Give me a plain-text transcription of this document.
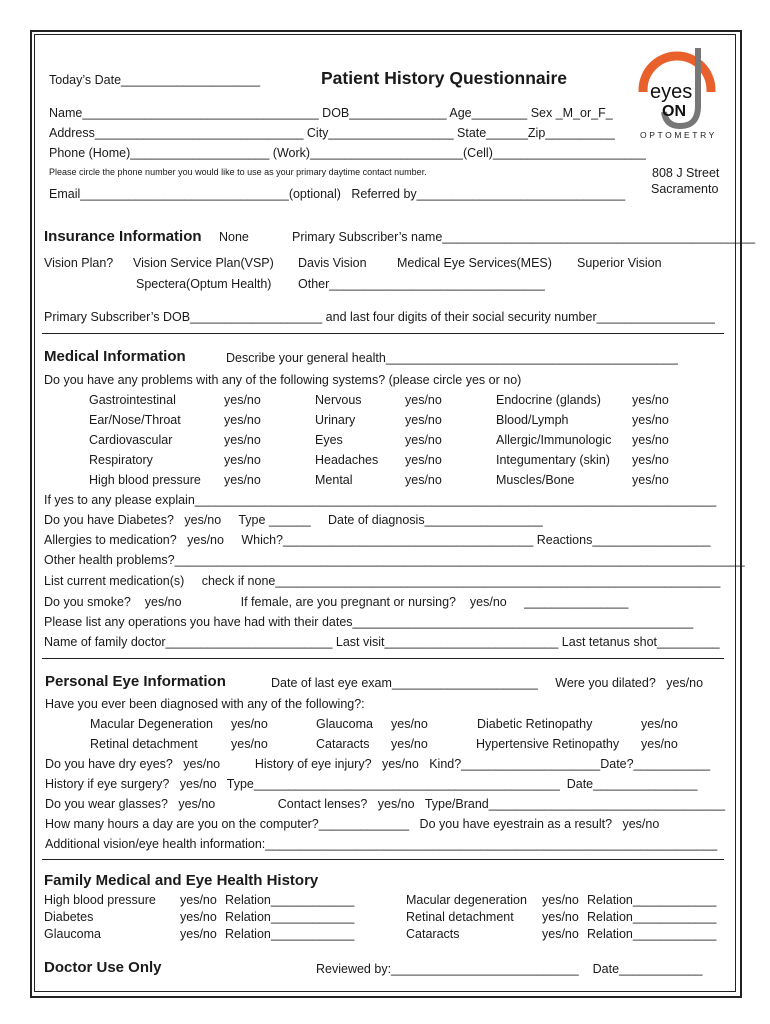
eyes
ON
OPTOMETRY
808 J Street
Sacramento
Today’s Date____________________	Patient History Questionnaire
Name__________________________________ DOB______________ Age________ Sex _M_or_F_
Address______________________________ City__________________ State______Zip__________
Phone (Home)____________________ (Work)______________________(Cell)______________________
Please circle the phone number you would like to use as your primary daytime contact number.
Email______________________________(optional)   Referred by______________________________
Insurance Information None	Primary Subscriber’s name_____________________________________________
Vision Plan? Vision Service Plan(VSP) Davis Vision Medical Eye Services(MES) Superior Vision
Spectera(Optum Health) Other_______________________________
Primary Subscriber’s DOB___________________ and last four digits of their social security number_________________
Medical Information	Describe your general health__________________________________________
Do you have any problems with any of the following systems? (please circle yes or no)
Gastrointestinal	yes/no	Nervous	yes/no	Endocrine (glands) yes/no
Ear/Nose/Throat	yes/no	Urinary	yes/no	Blood/Lymph	yes/no
Cardiovascular	yes/no	Eyes	yes/no	Allergic/Immunologic yes/no
Respiratory	yes/no	Headaches yes/no	Integumentary (skin) yes/no
High blood pressure yes/no	Mental	yes/no	Muscles/Bone	yes/no
If yes to any please explain___________________________________________________________________________
Do you have Diabetes?   yes/no     Type ______     Date of diagnosis_________________
Allergies to medication?   yes/no     Which?____________________________________ Reactions_________________
Other health problems?__________________________________________________________________________________
List current medication(s)     check if none________________________________________________________________
Do you smoke?    yes/no                 If female, are you pregnant or nursing?    yes/no     _______________
Please list any operations you have had with their dates_________________________________________________
Name of family doctor________________________ Last visit_________________________ Last tetanus shot_________
Personal Eye Information	Date of last eye exam_____________________     Were you dilated?   yes/no
Have you ever been diagnosed with any of the following?:
Macular Degeneration yes/no	Glaucoma yes/no	Diabetic Retinopathy	yes/no
Retinal detachment	yes/no	Cataracts yes/no	Hypertensive Retinopathy yes/no
Do you have dry eyes?   yes/no          History of eye injury?   yes/no   Kind?____________________Date?___________
History if eye surgery?   yes/no   Type____________________________________________  Date_______________
Do you wear glasses?   yes/no                  Contact lenses?   yes/no   Type/Brand__________________________________
How many hours a day are you on the computer?_____________   Do you have eyestrain as a result?   yes/no
Additional vision/eye health information:_________________________________________________________________
Family Medical and Eye Health History
High blood pressure yes/no Relation____________
Diabetes	yes/no Relation____________
Glaucoma	yes/no Relation____________
Macular degeneration yes/no Relation____________
Retinal detachment yes/no Relation____________
Cataracts	yes/no Relation____________
Doctor Use Only	Reviewed by:___________________________    Date____________
